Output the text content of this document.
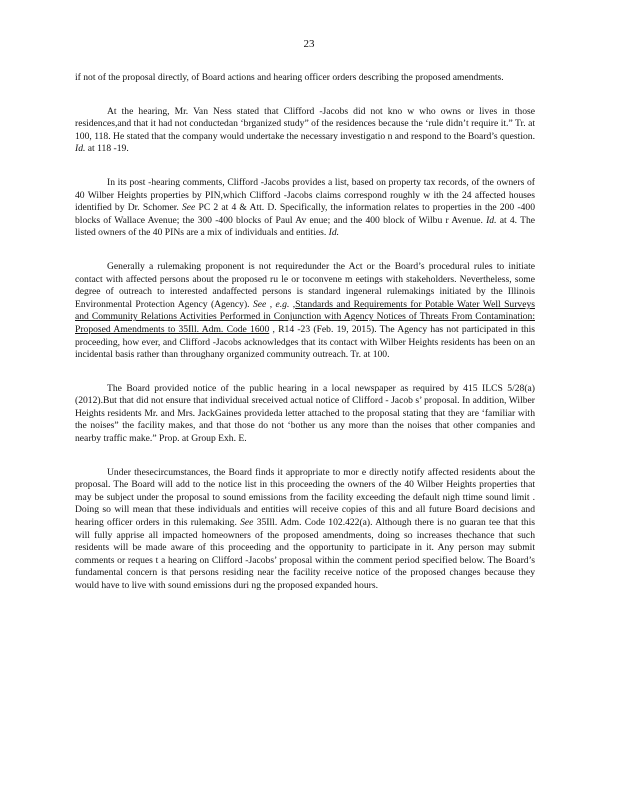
23

if not of the proposal directly, of Board actions and hearing officer orders describing the proposed amendments.

At the hearing, Mr. Van Ness stated that Clifford -Jacobs did not kno w who owns or lives in those residences,and that it had not conductedan ‘brganized study” of the residences because the ‘rule didn’t require it.” Tr. at 100, 118. He stated that the company would undertake the necessary investigatio n and respond to the Board’s question. Id. at 118 -19.

In its post -hearing comments, Clifford -Jacobs provides a list, based on property tax records, of the owners of 40 Wilber Heights properties by PIN,which Clifford -Jacobs claims correspond roughly w ith the 24 affected houses identified by Dr. Schomer. See PC 2 at 4 & Att. D. Specifically, the information relates to properties in the 200 -400 blocks of Wallace Avenue; the 300 -400 blocks of Paul Av enue; and the 400 block of Wilbu r Avenue. Id. at 4. The listed owners of the 40 PINs are a mix of individuals and entities. Id.

Generally a rulemaking proponent is not requiredunder the Act or the Board’s procedural rules to initiate contact with affected persons about the proposed ru le or toconvene m eetings with stakeholders. Nevertheless, some degree of outreach to interested andaffected persons is standard ingeneral rulemakings initiated by the Illinois Environmental Protection Agency (Agency). See , e.g. ,Standards and Requirements for Potable Water Well Surveys and Community Relations Activities Performed in Conjunction with Agency Notices of Threats From Contamination: Proposed Amendments to 35Ill. Adm. Code 1600 , R14 -23 (Feb. 19, 2015). The Agency has not participated in this proceeding, how ever, and Clifford -Jacobs acknowledges that its contact with Wilber Heights residents has been on an incidental basis rather than throughany organized community outreach. Tr. at 100.

The Board provided notice of the public hearing in a local newspaper as required by 415 ILCS 5/28(a) (2012).But that did not ensure that individual sreceived actual notice of Clifford - Jacob s’ proposal. In addition, Wilber Heights residents Mr. and Mrs. JackGaines provideda letter attached to the proposal stating that they are ‘familiar with the noises” the facility makes, and that those do not ‘bother us any more than the noises that other companies and nearby traffic make.” Prop. at Group Exh. E.

Under thesecircumstances, the Board finds it appropriate to mor e directly notify affected residents about the proposal. The Board will add to the notice list in this proceeding the owners of the 40 Wilber Heights properties that may be subject under the proposal to sound emissions from the facility exceeding the default nigh ttime sound limit . Doing so will mean that these individuals and entities will receive copies of this and all future Board decisions and hearing officer orders in this rulemaking. See 35Ill. Adm. Code 102.422(a). Although there is no guaran tee that this will fully apprise all impacted homeowners of the proposed amendments, doing so increases thechance that such residents will be made aware of this proceeding and the opportunity to participate in it. Any person may submit comments or reques t a hearing on Clifford -Jacobs’ proposal within the comment period specified below. The Board’s fundamental concern is that persons residing near the facility receive notice of the proposed changes because they would have to live with sound emissions duri ng the proposed expanded hours.
